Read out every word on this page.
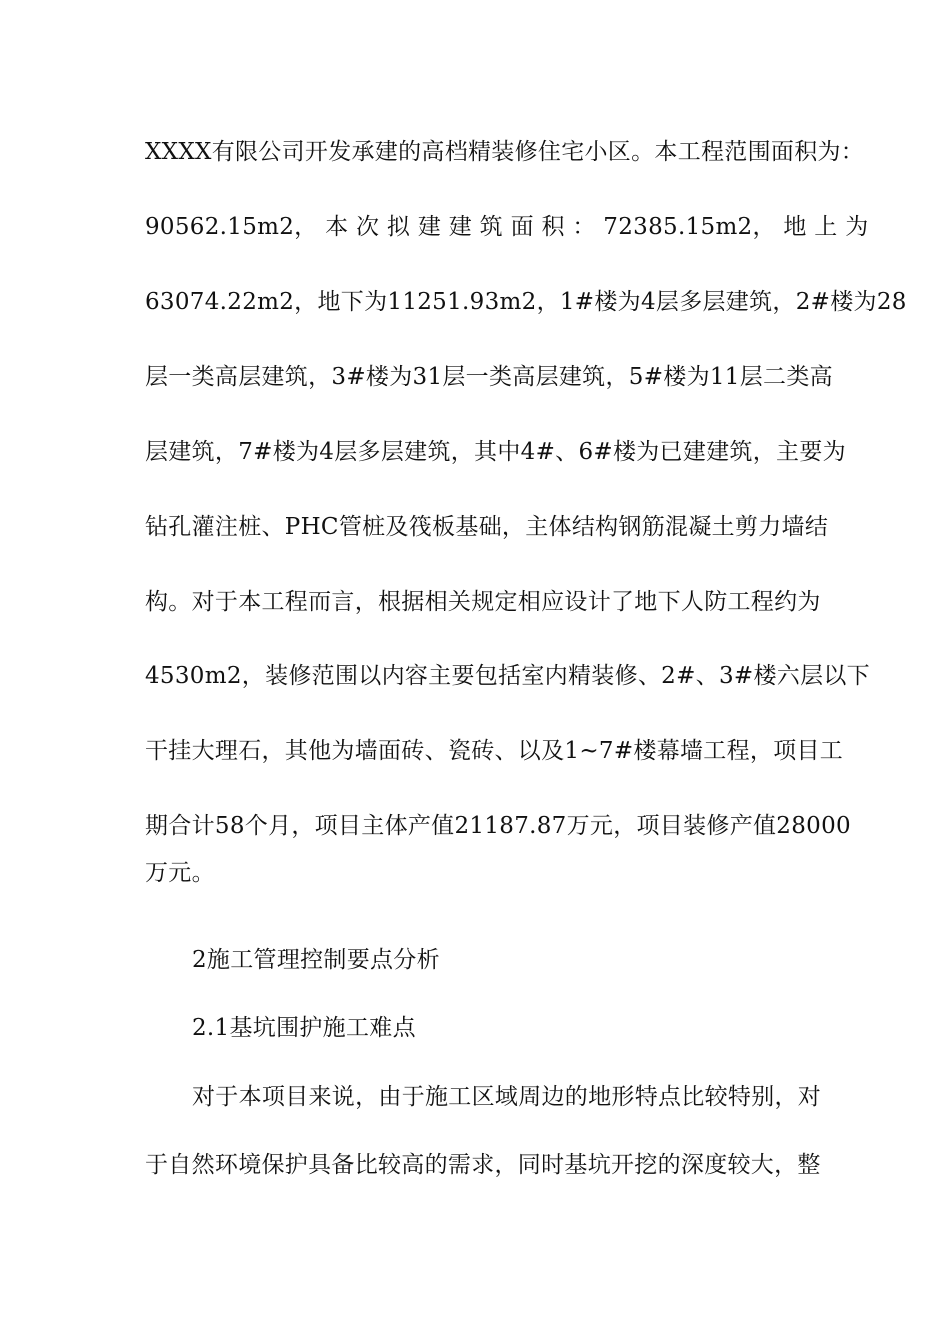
XXXX有限公司开发承建的高档精装修住宅小区。本工程范围面积为：
90562.15m2， 本 次 拟 建 建 筑 面 积 ： 72385.15m2， 地 上 为
63074.22m2，地下为11251.93m2，1#楼为4层多层建筑，2#楼为28
层一类高层建筑，3#楼为31层一类高层建筑，5#楼为11层二类高
层建筑，7#楼为4层多层建筑，其中4#、6#楼为已建建筑，主要为
钻孔灌注桩、PHC管桩及筏板基础，主体结构钢筋混凝土剪力墙结
构。对于本工程而言，根据相关规定相应设计了地下人防工程约为
4530m2，装修范围以内容主要包括室内精装修、2#、3#楼六层以下
干挂大理石，其他为墙面砖、瓷砖、以及1~7#楼幕墙工程，项目工
期合计58个月，项目主体产值21187.87万元，项目装修产值28000
万元。
2施工管理控制要点分析
2.1基坑围护施工难点
对于本项目来说，由于施工区域周边的地形特点比较特别，对
于自然环境保护具备比较高的需求，同时基坑开挖的深度较大，整
